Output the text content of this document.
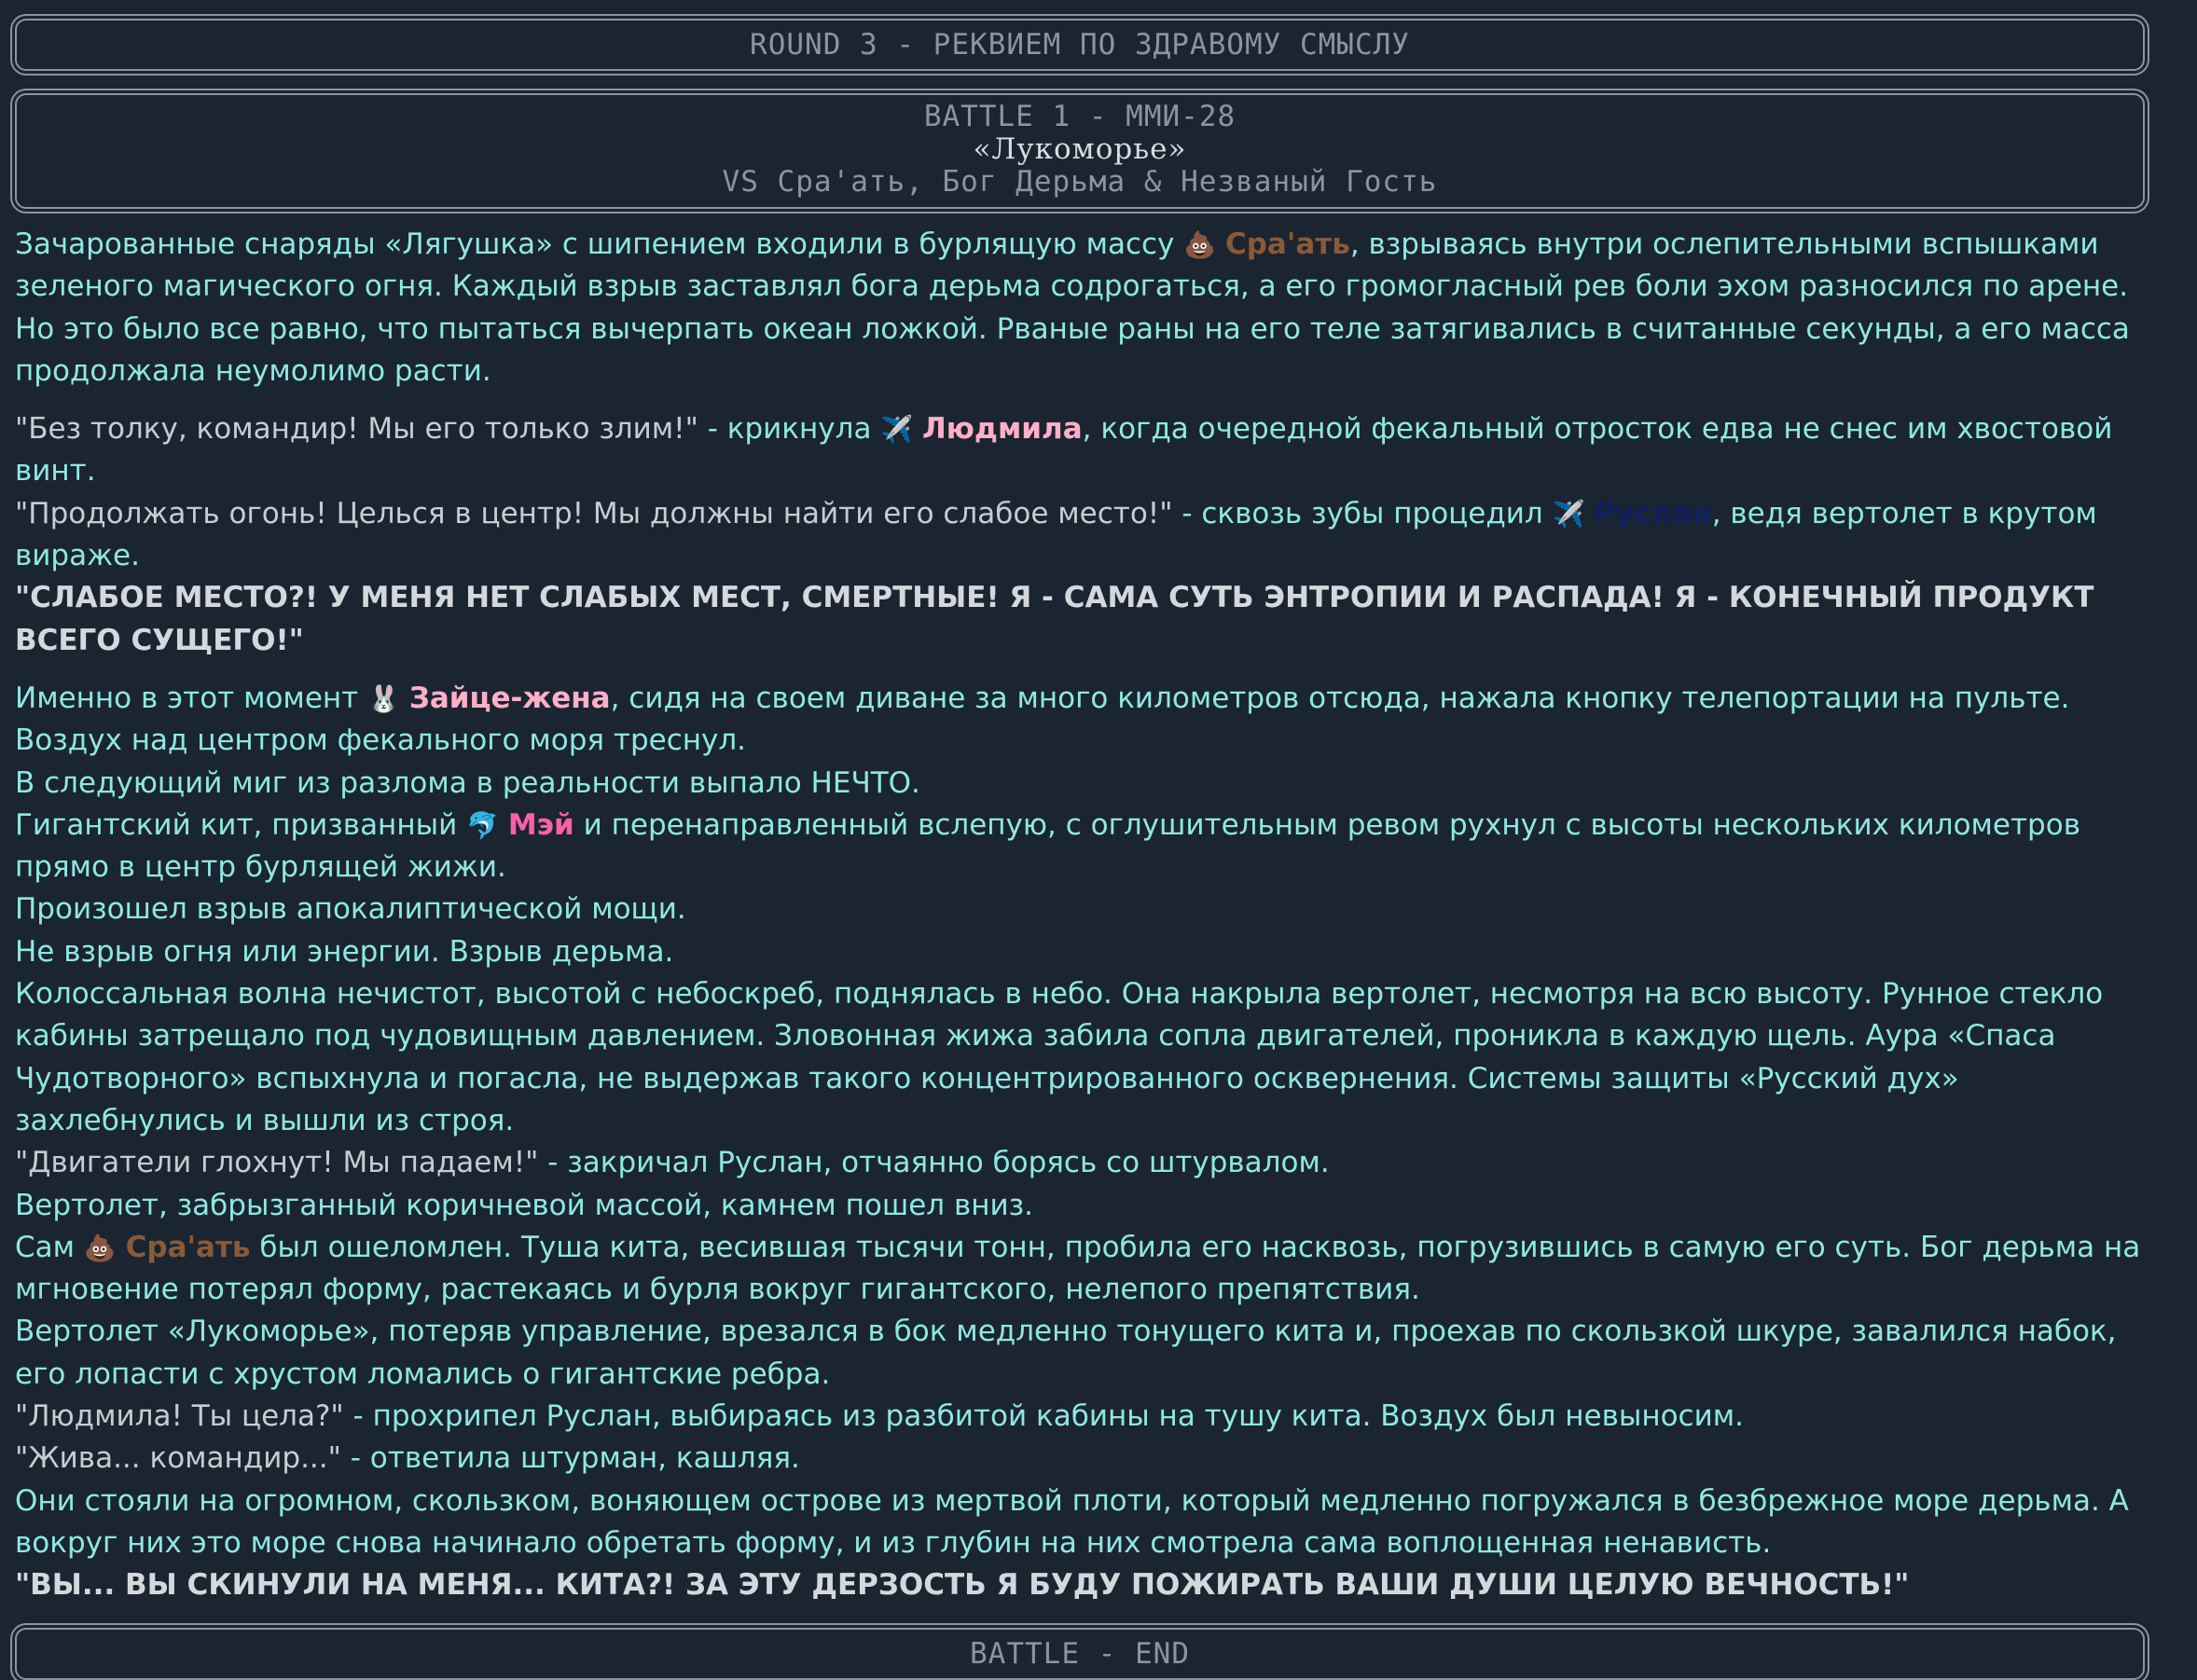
ROUND 3 - РЕКВИЕМ ПО ЗДРАВОМУ СМЫСЛУ
BATTLE 1 - ММИ-28
«Лукоморье»
VS Сра'ать, Бог Дерьма & Незваный Гость

Зачарованные снаряды «Лягушка» с шипением входили в бурлящую массу 💩 Сра'ать, взрываясь внутри ослепительными вспышками зеленого магического огня. Каждый взрыв заставлял бога дерьма содрогаться, а его громогласный рев боли эхом разносился по арене. Но это было все равно, что пытаться вычерпать океан ложкой. Рваные раны на его теле затягивались в считанные секунды, а его масса продолжала неумолимо расти.

"Без толку, командир! Мы его только злим!" - крикнула ✈️ Людмила, когда очередной фекальный отросток едва не снес им хвостовой винт.
"Продолжать огонь! Целься в центр! Мы должны найти его слабое место!" - сквозь зубы процедил ✈️ Руслан, ведя вертолет в крутом вираже.
"СЛАБОЕ МЕСТО?! У МЕНЯ НЕТ СЛАБЫХ МЕСТ, СМЕРТНЫЕ! Я - САМА СУТЬ ЭНТРОПИИ И РАСПАДА! Я - КОНЕЧНЫЙ ПРОДУКТ ВСЕГО СУЩЕГО!"

Именно в этот момент 🐰 Зайце-жена, сидя на своем диване за много километров отсюда, нажала кнопку телепортации на пульте. Воздух над центром фекального моря треснул.
В следующий миг из разлома в реальности выпало НЕЧТО.
Гигантский кит, призванный 🐬 Мэй и перенаправленный вслепую, с оглушительным ревом рухнул с высоты нескольких километров прямо в центр бурлящей жижи.
Произошел взрыв апокалиптической мощи.
Не взрыв огня или энергии. Взрыв дерьма.
Колоссальная волна нечистот, высотой с небоскреб, поднялась в небо. Она накрыла вертолет, несмотря на всю высоту. Рунное стекло кабины затрещало под чудовищным давлением. Зловонная жижа забила сопла двигателей, проникла в каждую щель. Аура «Спаса Чудотворного» вспыхнула и погасла, не выдержав такого концентрированного осквернения. Системы защиты «Русский дух» захлебнулись и вышли из строя.
"Двигатели глохнут! Мы падаем!" - закричал Руслан, отчаянно борясь со штурвалом.
Вертолет, забрызганный коричневой массой, камнем пошел вниз.
Сам 💩 Сра'ать был ошеломлен. Туша кита, весившая тысячи тонн, пробила его насквозь, погрузившись в самую его суть. Бог дерьма на мгновение потерял форму, растекаясь и бурля вокруг гигантского, нелепого препятствия.
Вертолет «Лукоморье», потеряв управление, врезался в бок медленно тонущего кита и, проехав по скользкой шкуре, завалился набок, его лопасти с хрустом ломались о гигантские ребра.
"Людмила! Ты цела?" - прохрипел Руслан, выбираясь из разбитой кабины на тушу кита. Воздух был невыносим.
"Жива... командир..." - ответила штурман, кашляя.
Они стояли на огромном, скользком, воняющем острове из мертвой плоти, который медленно погружался в безбрежное море дерьма. А вокруг них это море снова начинало обретать форму, и из глубин на них смотрела сама воплощенная ненависть.
"ВЫ... ВЫ СКИНУЛИ НА МЕНЯ... КИТА?! ЗА ЭТУ ДЕРЗОСТЬ Я БУДУ ПОЖИРАТЬ ВАШИ ДУШИ ЦЕЛУЮ ВЕЧНОСТЬ!"

BATTLE - END
